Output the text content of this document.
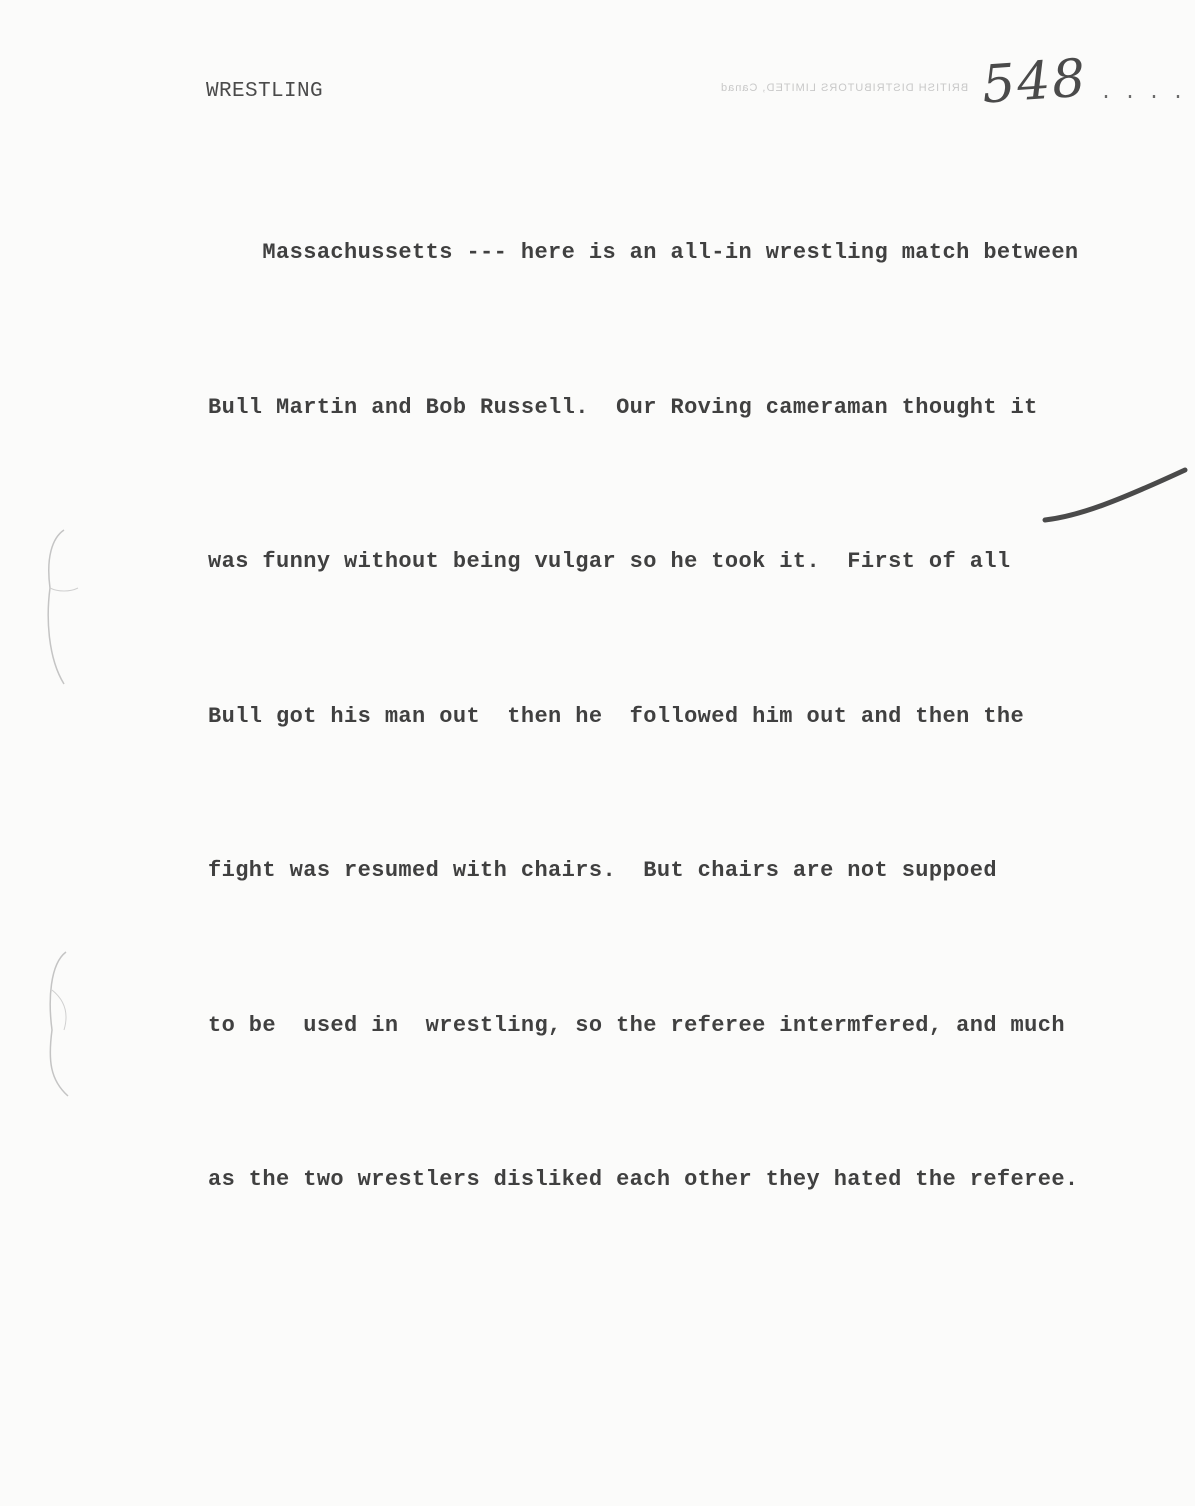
BRITISH DISTRIBUTORS LIMITED, Canad
WRESTLING	548 . . . .

Massachussetts --- here is an all-in wrestling match between

Bull Martin and Bob Russell.  Our Roving cameraman thought it

was funny without being vulgar so he took it.  First of all

Bull got his man out  then he  followed him out and then the

fight was resumed with chairs.  But chairs are not suppoed

to be  used in  wrestling, so the referee intermfered, and much

as the two wrestlers disliked each other they hated the referee.
